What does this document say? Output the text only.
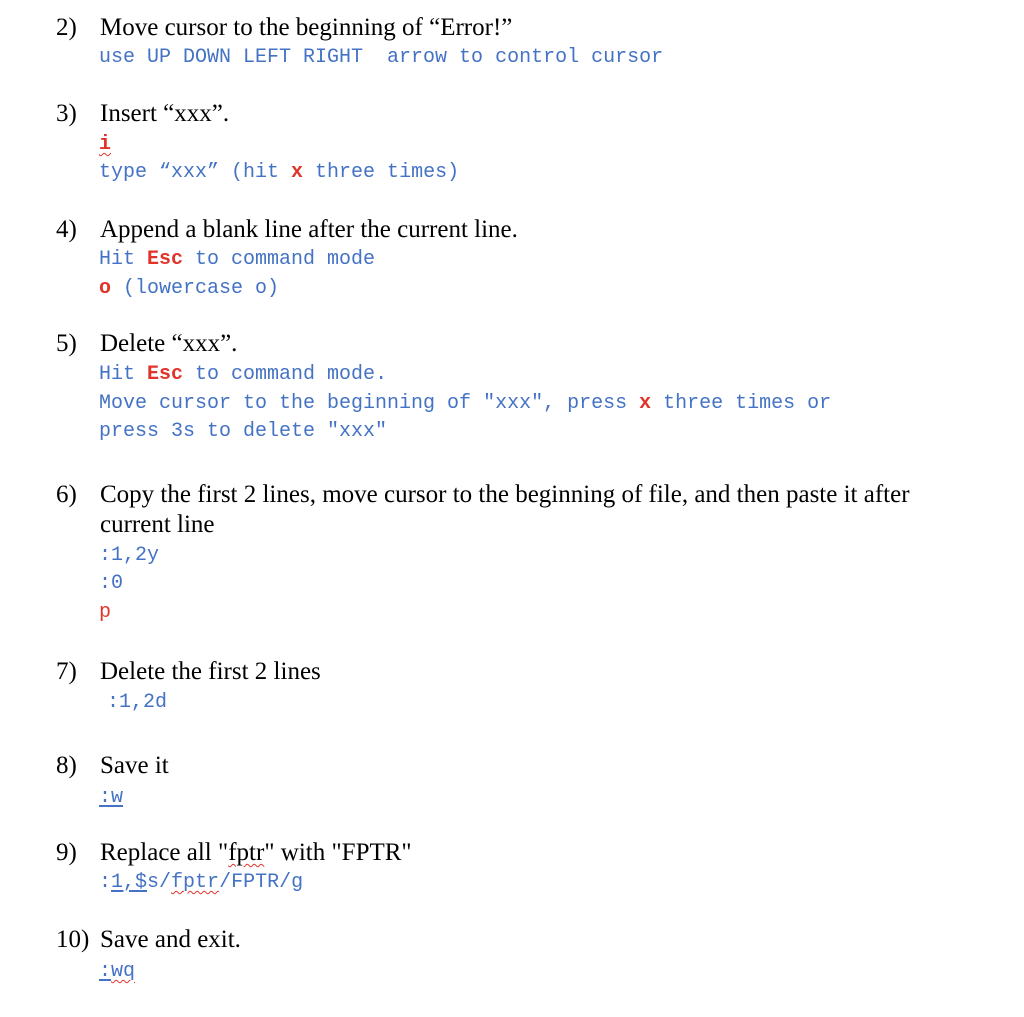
2) Move cursor to the beginning of “Error!”
use UP DOWN LEFT RIGHT  arrow to control cursor
3) Insert “xxx”.
i
type “xxx” (hit x three times)
4) Append a blank line after the current line.
Hit Esc to command mode
o (lowercase o)
5) Delete “xxx”.
Hit Esc to command mode.
Move cursor to the beginning of "xxx", press x three times or
press 3s to delete "xxx"
6) Copy the first 2 lines, move cursor to the beginning of file, and then paste it after current line
:1,2y
:0
p
7) Delete the first 2 lines
:1,2d
8) Save it
:w
9) Replace all "fptr" with "FPTR"
:1,$s/fptr/FPTR/g
10) Save and exit.
:wq
